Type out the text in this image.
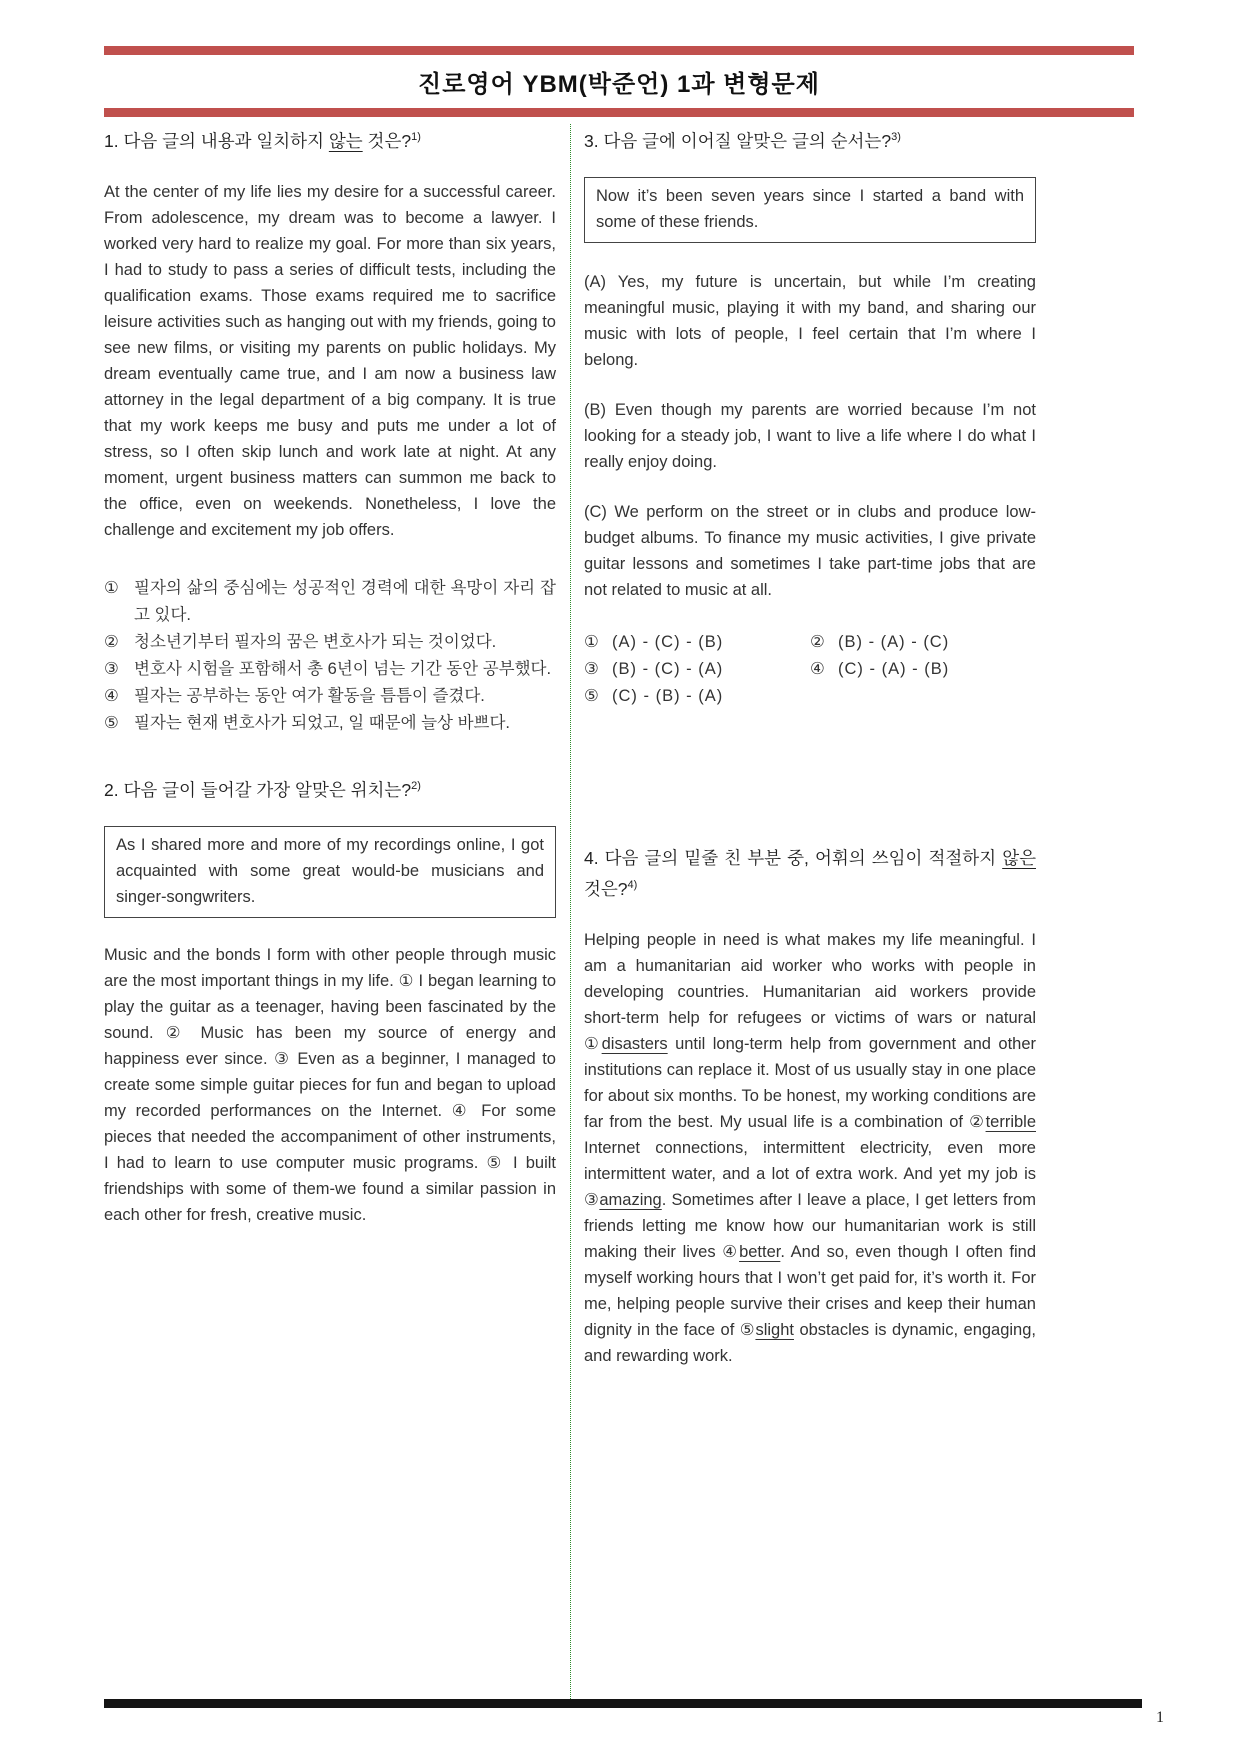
진로영어 YBM(박준언) 1과 변형문제
1. 다음 글의 내용과 일치하지 않는 것은?$^{1)}$

At the center of my life lies my desire for a successful career. From adolescence, my dream was to become a lawyer. I worked very hard to realize my goal. For more than six years, I had to study to pass a series of difficult tests, including the qualification exams. Those exams required me to sacrifice leisure activities such as hanging out with my friends, going to see new films, or visiting my parents on public holidays. My dream eventually came true, and I am now a business law attorney in the legal department of a big company. It is true that my work keeps me busy and puts me under a lot of stress, so I often skip lunch and work late at night. At any moment, urgent business matters can summon me back to the office, even on weekends. Nonetheless, I love the challenge and excitement my job offers.

① 필자의 삶의 중심에는 성공적인 경력에 대한 욕망이 자리 잡고 있다.
② 청소년기부터 필자의 꿈은 변호사가 되는 것이었다.
③ 변호사 시험을 포함해서 총 6년이 넘는 기간 동안 공부했다.
④ 필자는 공부하는 동안 여가 활동을 틈틈이 즐겼다.
⑤ 필자는 현재 변호사가 되었고, 일 때문에 늘상 바쁘다.
2. 다음 글이 들어갈 가장 알맞은 위치는?$^{2)}$
As I shared more and more of my recordings online, I got acquainted with some great would-be musicians and singer-songwriters.

Music and the bonds I form with other people through music are the most important things in my life. ① I began learning to play the guitar as a teenager, having been fascinated by the sound. ② Music has been my source of energy and happiness ever since. ③ Even as a beginner, I managed to create some simple guitar pieces for fun and began to upload my recorded performances on the Internet. ④ For some pieces that needed the accompaniment of other instruments, I had to learn to use computer music programs. ⑤ I built friendships with some of them-we found a similar passion in each other for fresh, creative music.

3. 다음 글에 이어질 알맞은 글의 순서는?$^{3)}$
Now it’s been seven years since I started a band with some of these friends.

(A) Yes, my future is uncertain, but while I’m creating meaningful music, playing it with my band, and sharing our music with lots of people, I feel certain that I’m where I belong.

(B) Even though my parents are worried because I’m not looking for a steady job, I want to live a life where I do what I really enjoy doing.

(C) We perform on the street or in clubs and produce low-budget albums. To finance my music activities, I give private guitar lessons and sometimes I take part-time jobs that are not related to music at all.

① (A) - (C) - (B)	② (B) - (A) - (C)
③ (B) - (C) - (A)	④ (C) - (A) - (B)
⑤ (C) - (B) - (A)
4. 다음 글의 밑줄 친 부분 중, 어휘의 쓰임이 적절하지 않은 것은?$^{4)}$

Helping people in need is what makes my life meaningful. I am a humanitarian aid worker who works with people in developing countries. Humanitarian aid workers provide short-term help for refugees or victims of wars or natural ①disasters until long-term help from government and other institutions can replace it. Most of us usually stay in one place for about six months. To be honest, my working conditions are far from the best. My usual life is a combination of ②terrible Internet connections, intermittent electricity, even more intermittent water, and a lot of extra work. And yet my job is ③amazing. Sometimes after I leave a place, I get letters from friends letting me know how our humanitarian work is still making their lives ④better. And so, even though I often find myself working hours that I won’t get paid for, it’s worth it. For me, helping people survive their crises and keep their human dignity in the face of ⑤slight obstacles is dynamic, engaging, and rewarding work.

1
